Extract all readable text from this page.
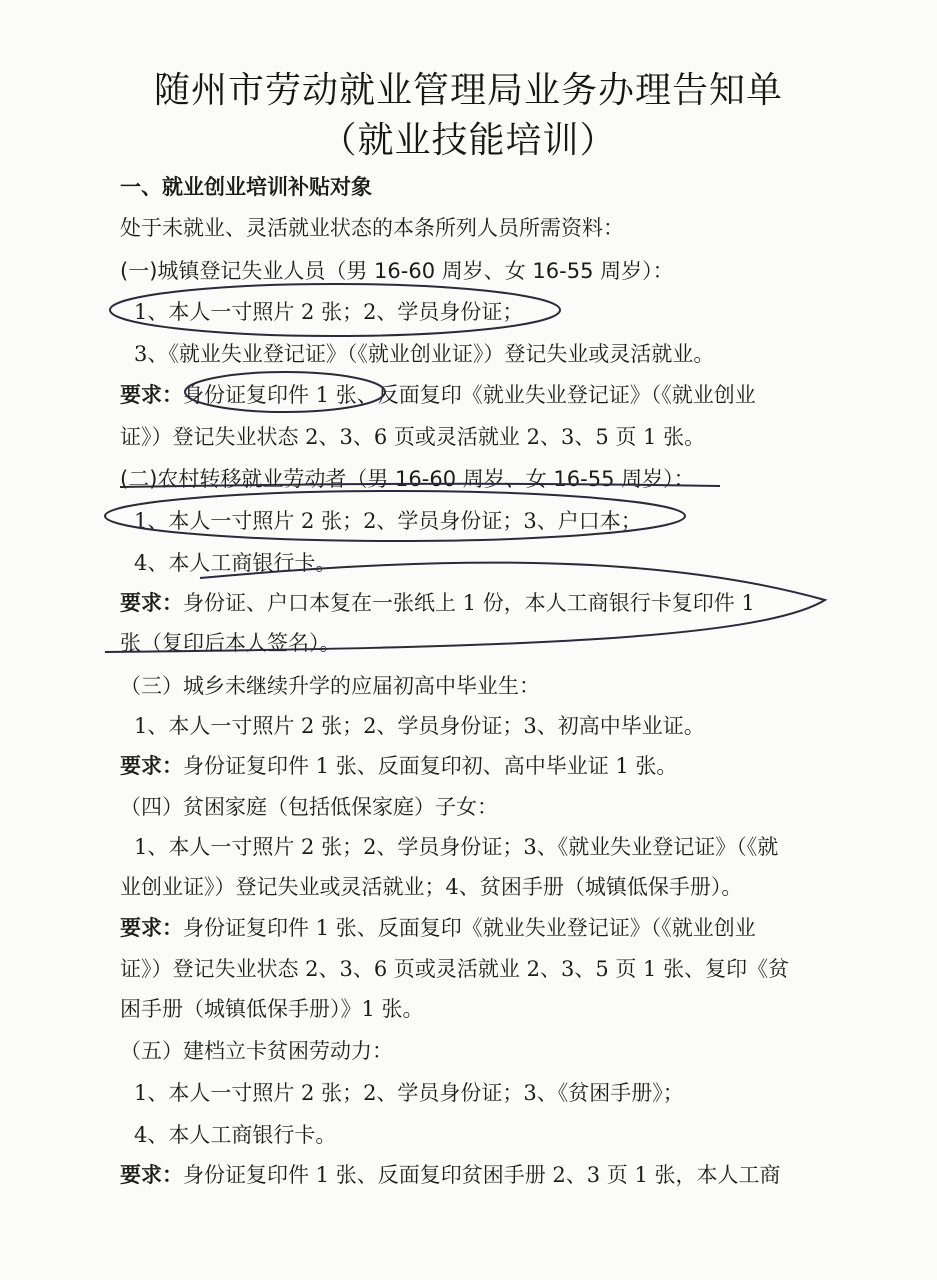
随州市劳动就业管理局业务办理告知单
（就业技能培训）
一、就业创业培训补贴对象
处于未就业、灵活就业状态的本条所列人员所需资料：
(一)城镇登记失业人员（男 16-60 周岁、女 16-55 周岁）：
1、本人一寸照片 2 张；2、学员身份证；
3、《就业失业登记证》（《就业创业证》）登记失业或灵活就业。
要求：身份证复印件 1 张、反面复印《就业失业登记证》（《就业创业
证》）登记失业状态 2、3、6 页或灵活就业 2、3、5 页 1 张。
(二)农村转移就业劳动者（男 16-60 周岁、女 16-55 周岁）：
1、本人一寸照片 2 张；2、学员身份证；3、户口本；
4、本人工商银行卡。
要求：身份证、户口本复在一张纸上 1 份，本人工商银行卡复印件 1
张（复印后本人签名）。
（三）城乡未继续升学的应届初高中毕业生：
1、本人一寸照片 2 张；2、学员身份证；3、初高中毕业证。
要求：身份证复印件 1 张、反面复印初、高中毕业证 1 张。
（四）贫困家庭（包括低保家庭）子女：
1、本人一寸照片 2 张；2、学员身份证；3、《就业失业登记证》（《就
业创业证》）登记失业或灵活就业；4、贫困手册（城镇低保手册）。
要求：身份证复印件 1 张、反面复印《就业失业登记证》（《就业创业
证》）登记失业状态 2、3、6 页或灵活就业 2、3、5 页 1 张、复印《贫
困手册（城镇低保手册）》1 张。
（五）建档立卡贫困劳动力：
1、本人一寸照片 2 张；2、学员身份证；3、《贫困手册》；
4、本人工商银行卡。
要求：身份证复印件 1 张、反面复印贫困手册 2、3 页 1 张，本人工商
